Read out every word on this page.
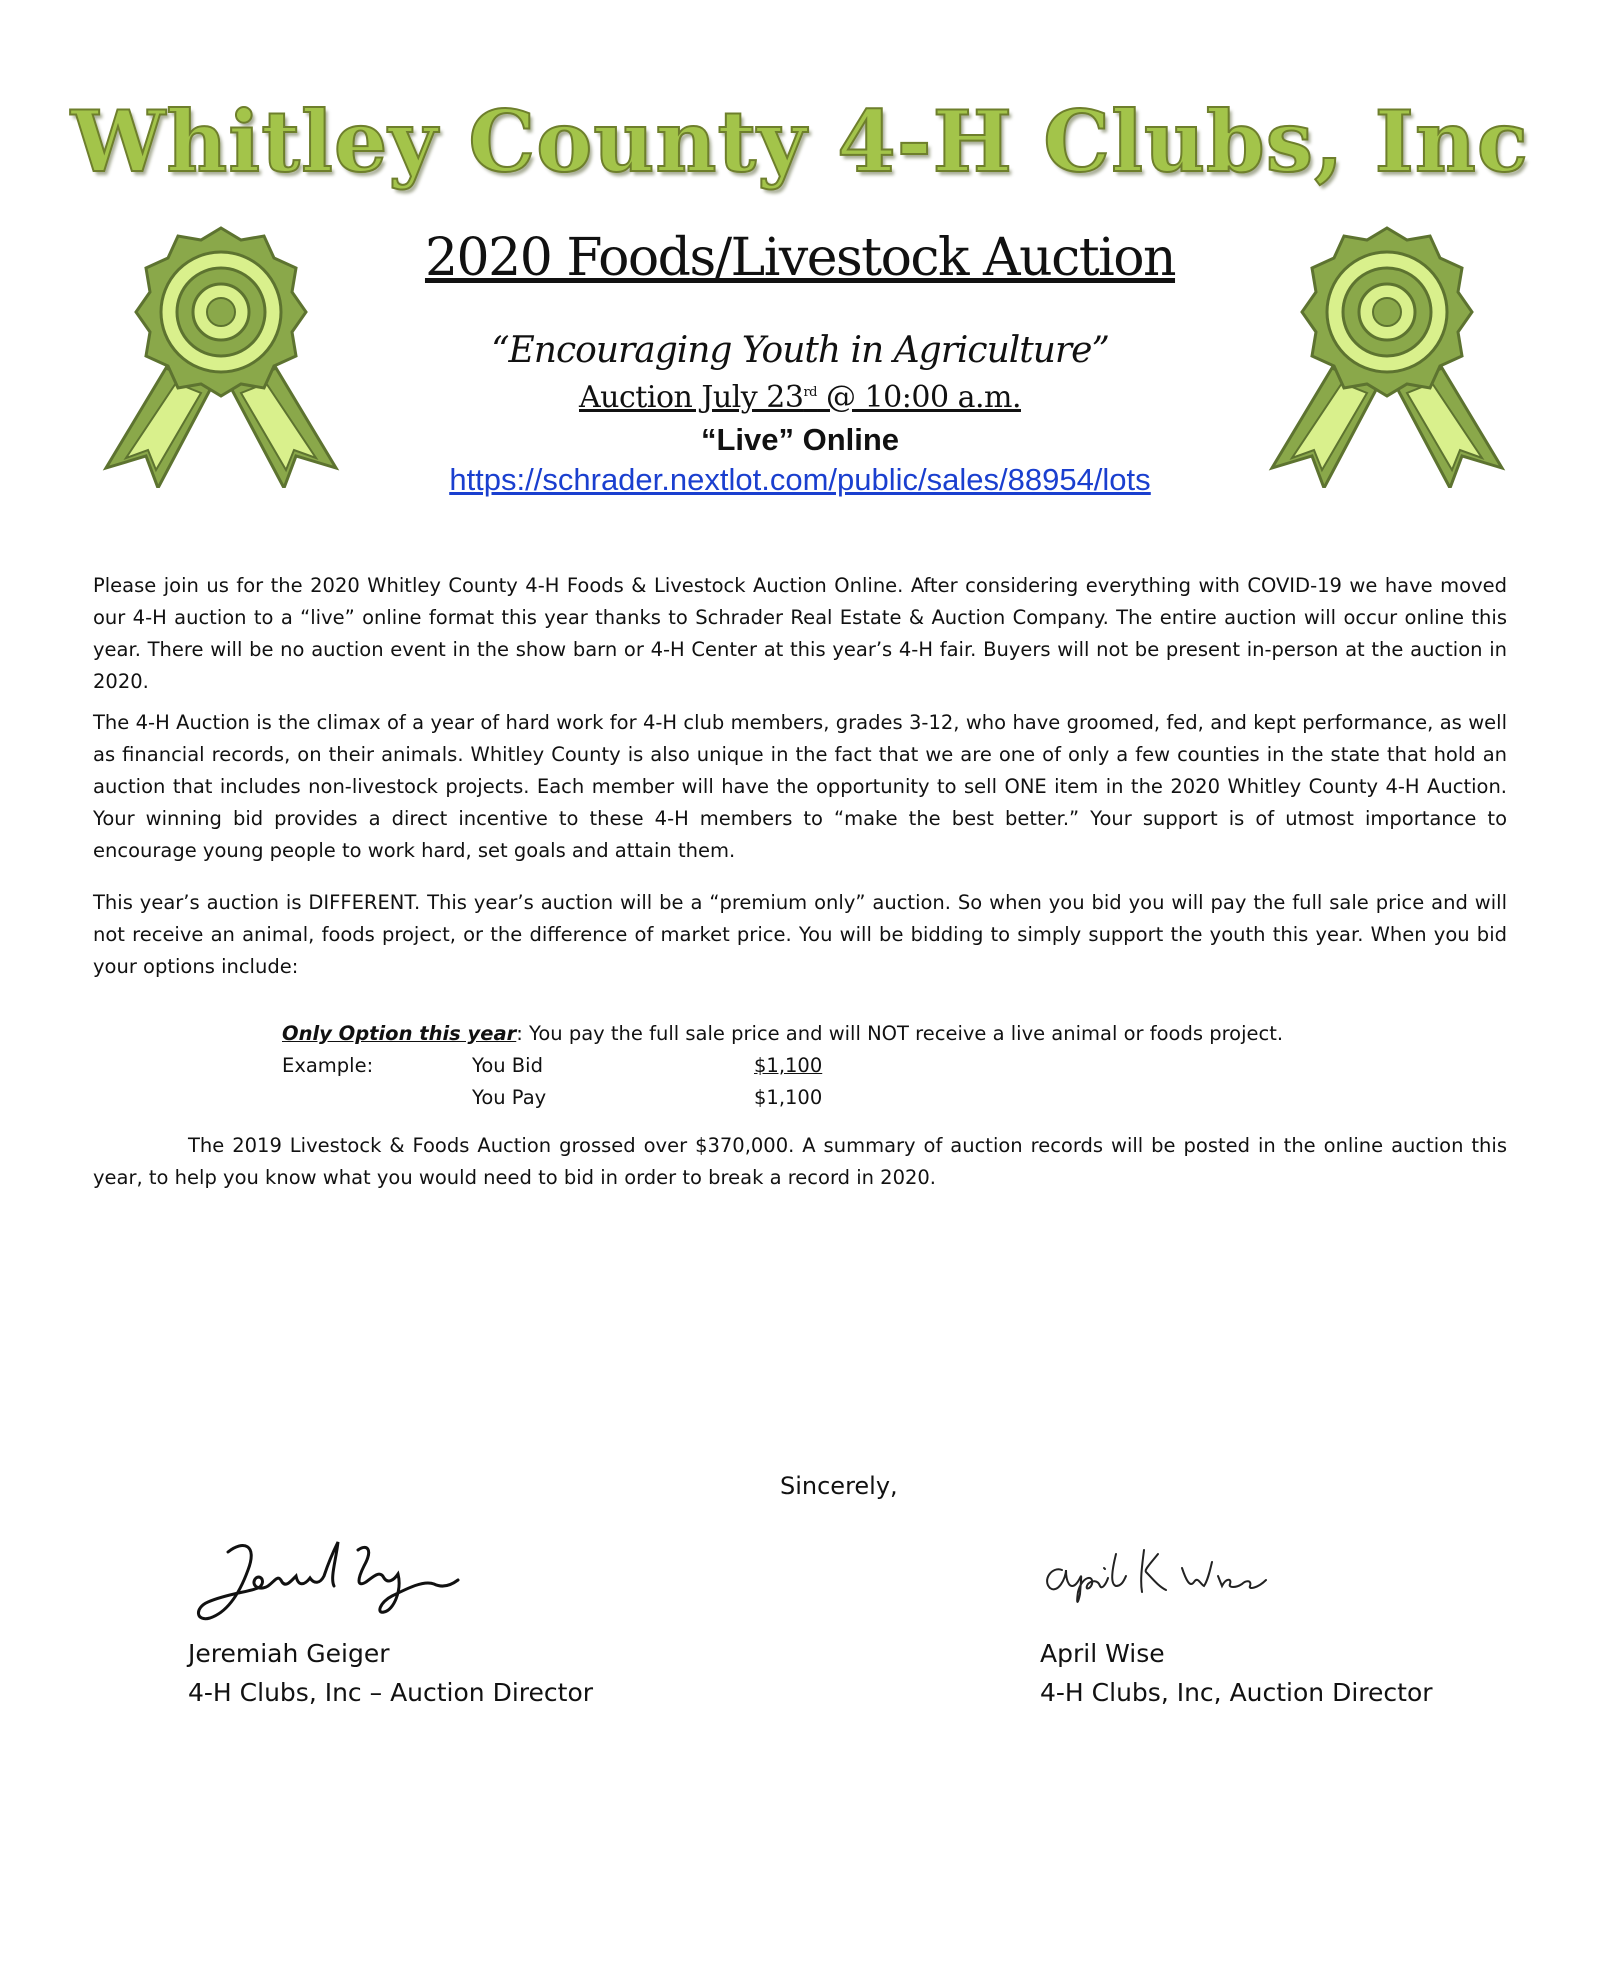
Whitley County 4-H Clubs, Inc
2020 Foods/Livestock Auction
“Encouraging Youth in Agriculture”
Auction July 23rd @ 10:00 a.m.
“Live” Online
https://schrader.nextlot.com/public/sales/88954/lots

Please join us for the 2020 Whitley County 4-H Foods & Livestock Auction Online. After considering everything with COVID-19 we have moved our 4-H auction to a “live” online format this year thanks to Schrader Real Estate & Auction Company. The entire auction will occur online this year. There will be no auction event in the show barn or 4-H Center at this year’s 4-H fair. Buyers will not be present in-person at the auction in 2020.

The 4-H Auction is the climax of a year of hard work for 4-H club members, grades 3-12, who have groomed, fed, and kept performance, as well as financial records, on their animals. Whitley County is also unique in the fact that we are one of only a few counties in the state that hold an auction that includes non-livestock projects. Each member will have the opportunity to sell ONE item in the 2020 Whitley County 4-H Auction. Your winning bid provides a direct incentive to these 4-H members to “make the best better.” Your support is of utmost importance to encourage young people to work hard, set goals and attain them.

This year’s auction is DIFFERENT. This year’s auction will be a “premium only” auction. So when you bid you will pay the full sale price and will not receive an animal, foods project, or the difference of market price. You will be bidding to simply support the youth this year. When you bid your options include:

Only Option this year: You pay the full sale price and will NOT receive a live animal or foods project.
Example:	You Bid	$1,100
You Pay	$1,100

The 2019 Livestock & Foods Auction grossed over $370,000. A summary of auction records will be posted in the online auction this year, to help you know what you would need to bid in order to break a record in 2020.

Sincerely,
Jeremiah Geiger
4-H Clubs, Inc – Auction Director
April Wise
4-H Clubs, Inc, Auction Director
